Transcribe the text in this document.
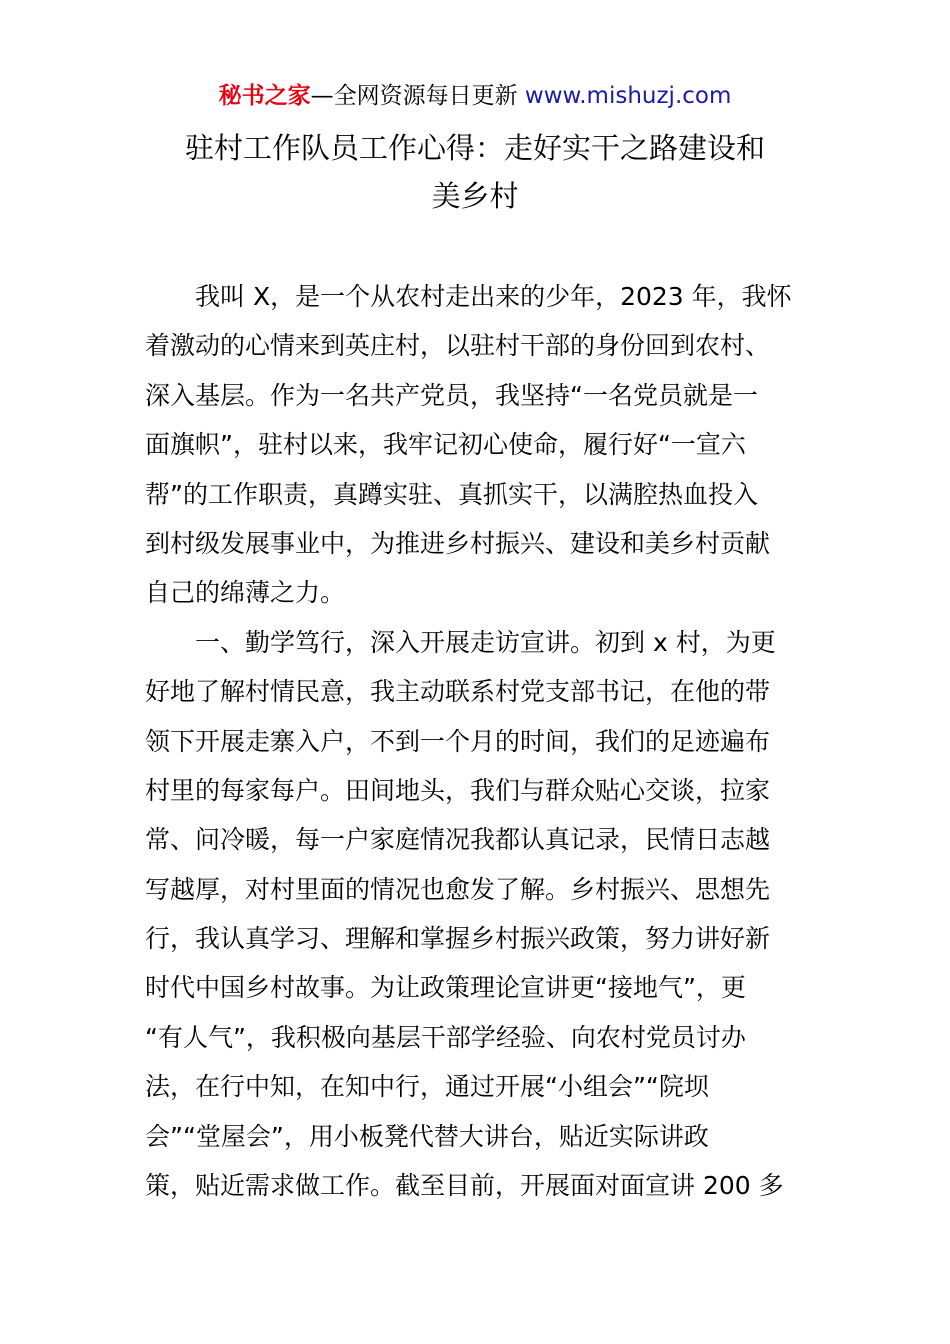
秘书之家—全网资源每日更新 www.mishuzj.com
驻村工作队员工作心得：走好实干之路建设和
美乡村
我叫 X，是一个从农村走出来的少年，2023 年，我怀
着激动的心情来到英庄村，以驻村干部的身份回到农村、
深入基层。作为一名共产党员，我坚持“一名党员就是一
面旗帜”，驻村以来，我牢记初心使命，履行好“一宣六
帮”的工作职责，真蹲实驻、真抓实干，以满腔热血投入
到村级发展事业中，为推进乡村振兴、建设和美乡村贡献
自己的绵薄之力。
一、勤学笃行，深入开展走访宣讲。初到 x 村，为更
好地了解村情民意，我主动联系村党支部书记，在他的带
领下开展走寨入户，不到一个月的时间，我们的足迹遍布
村里的每家每户。田间地头，我们与群众贴心交谈，拉家
常、问冷暖，每一户家庭情况我都认真记录，民情日志越
写越厚，对村里面的情况也愈发了解。乡村振兴、思想先
行，我认真学习、理解和掌握乡村振兴政策，努力讲好新
时代中国乡村故事。为让政策理论宣讲更“接地气”，更
“有人气”，我积极向基层干部学经验、向农村党员讨办
法，在行中知，在知中行，通过开展“小组会”“院坝
会”“堂屋会”，用小板凳代替大讲台，贴近实际讲政
策，贴近需求做工作。截至目前，开展面对面宣讲 200 多
